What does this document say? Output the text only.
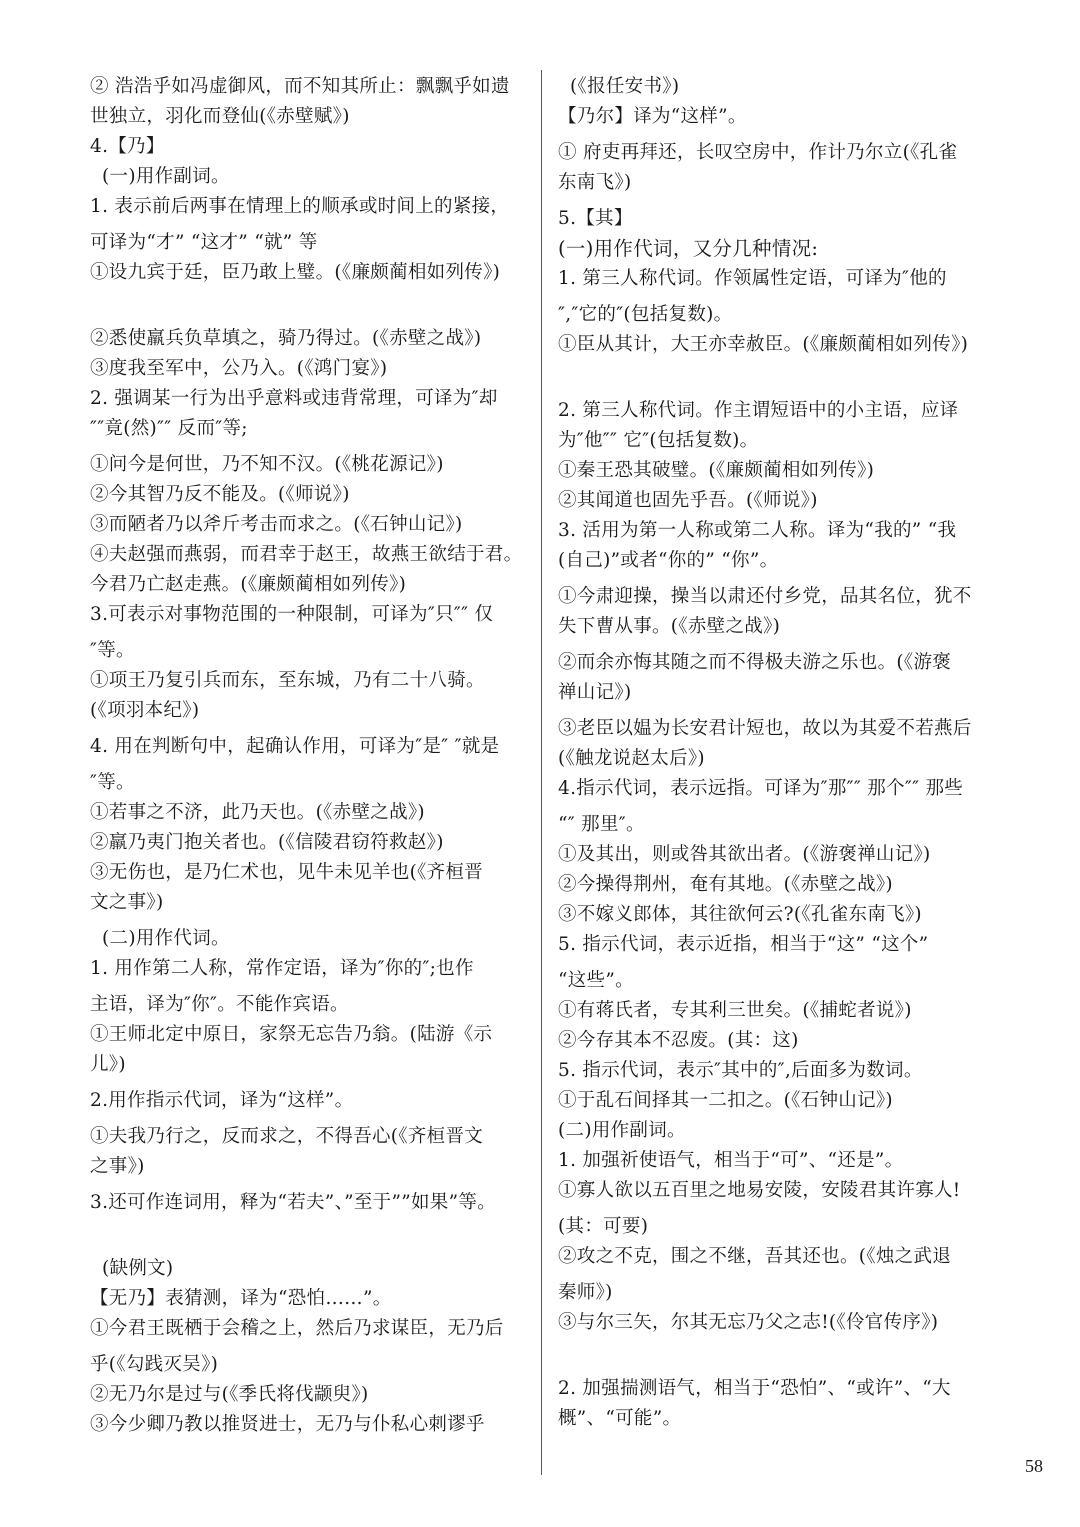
② 浩浩乎如冯虚御风，而不知其所止：飘飘乎如遗
世独立，羽化而登仙(《赤壁赋》)
4.【乃】
(一)用作副词。
1. 表示前后两事在情理上的顺承或时间上的紧接，
可译为“才” “这才” “就” 等
①设九宾于廷，臣乃敢上璧。(《廉颇蔺相如列传》)
②悉使羸兵负草填之，骑乃得过。(《赤壁之战》)
③度我至军中，公乃入。(《鸿门宴》)
2. 强调某一行为出乎意料或违背常理，可译为″却
″″竟(然)″″ 反而″等;
①问今是何世，乃不知不汉。(《桃花源记》)
②今其智乃反不能及。(《师说》)
③而陋者乃以斧斤考击而求之。(《石钟山记》)
④夫赵强而燕弱，而君幸于赵王，故燕王欲结于君。
今君乃亡赵走燕。(《廉颇蔺相如列传》)
3.可表示对事物范围的一种限制，可译为″只″″ 仅
″等。
①项王乃复引兵而东，至东城，乃有二十八骑。
(《项羽本纪》)
4. 用在判断句中，起确认作用，可译为″是″ ″就是
″等。
①若事之不济，此乃天也。(《赤壁之战》)
②羸乃夷门抱关者也。(《信陵君窃符救赵》)
③无伤也，是乃仁术也，见牛未见羊也(《齐桓晋
文之事》)
(二)用作代词。
1. 用作第二人称，常作定语，译为″你的″;也作
主语，译为″你″。不能作宾语。
①王师北定中原日，家祭无忘告乃翁。(陆游《示
儿》)
2.用作指示代词，译为“这样”。
①夫我乃行之，反而求之，不得吾心(《齐桓晋文
之事》)
3.还可作连词用，释为“若夫”、”至于””如果”等。
(缺例文)
【无乃】表猜测，译为“恐怕……”。
①今君王既栖于会稽之上，然后乃求谋臣，无乃后
乎(《勾践灭吴》)
②无乃尔是过与(《季氏将伐颛臾》)
③今少卿乃教以推贤进士，无乃与仆私心刺谬乎
(《报任安书》)
【乃尔】译为“这样”。
① 府吏再拜还，长叹空房中，作计乃尔立(《孔雀
东南飞》)
5.【其】
(一)用作代词，又分几种情况:
1. 第三人称代词。作领属性定语，可译为″他的
″,″它的″(包括复数)。
①臣从其计，大王亦幸赦臣。(《廉颇蔺相如列传》)
2. 第三人称代词。作主谓短语中的小主语，应译
为″他″″ 它″(包括复数)。
①秦王恐其破璧。(《廉颇蔺相如列传》)
②其闻道也固先乎吾。(《师说》)
3. 活用为第一人称或第二人称。译为“我的” “我
(自己)”或者“你的” “你”。
①今肃迎操，操当以肃还付乡党，品其名位，犹不
失下曹从事。(《赤壁之战》)
②而余亦悔其随之而不得极夫游之乐也。(《游褒
禅山记》)
③老臣以媪为长安君计短也，故以为其爱不若燕后
(《触龙说赵太后》)
4.指示代词，表示远指。可译为″那″″ 那个″″ 那些
“″ 那里″。
①及其出，则或咎其欲出者。(《游褒禅山记》)
②今操得荆州，奄有其地。(《赤壁之战》)
③不嫁义郎体，其往欲何云?(《孔雀东南飞》)
5. 指示代词，表示近指，相当于“这” “这个”
“这些”。
①有蒋氏者，专其利三世矣。(《捕蛇者说》)
②今存其本不忍废。(其：这)
5. 指示代词，表示″其中的″,后面多为数词。
①于乱石间择其一二扣之。(《石钟山记》)
(二)用作副词。
1. 加强祈使语气，相当于“可”、“还是”。
①寡人欲以五百里之地易安陵，安陵君其许寡人!
(其：可要)
②攻之不克，围之不继，吾其还也。(《烛之武退
秦师》)
③与尔三矢，尔其无忘乃父之志!(《伶官传序》)
2. 加强揣测语气，相当于“恐怕”、“或许”、“大
概”、“可能”。
58
